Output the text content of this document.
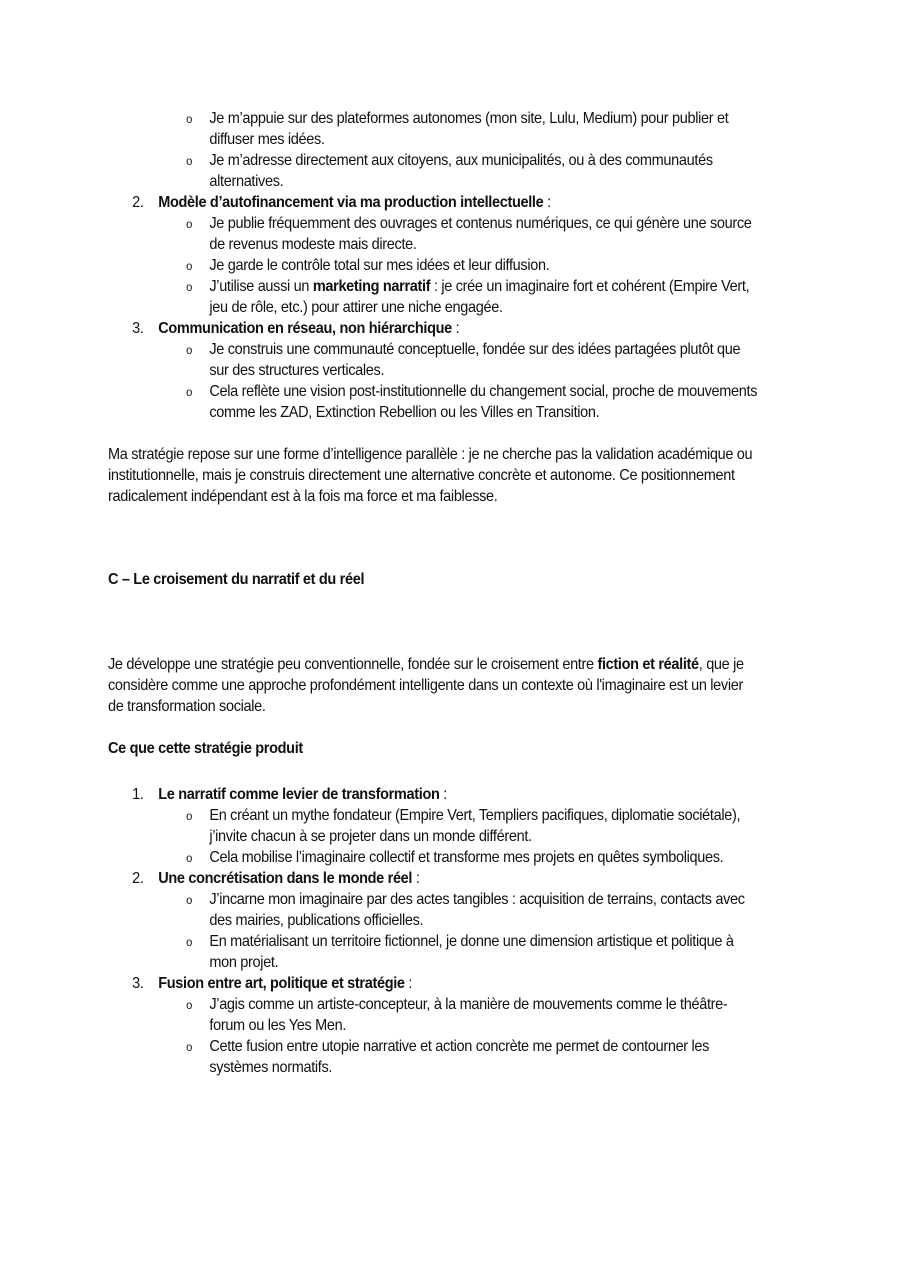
o Je m’appuie sur des plateformes autonomes (mon site, Lulu, Medium) pour publier et diffuser mes idées.
o Je m’adresse directement aux citoyens, aux municipalités, ou à des communautés alternatives.
2. Modèle d’autofinancement via ma production intellectuelle :
o Je publie fréquemment des ouvrages et contenus numériques, ce qui génère une source de revenus modeste mais directe.
o Je garde le contrôle total sur mes idées et leur diffusion.
o J’utilise aussi un marketing narratif : je crée un imaginaire fort et cohérent (Empire Vert, jeu de rôle, etc.) pour attirer une niche engagée.
3. Communication en réseau, non hiérarchique :
o Je construis une communauté conceptuelle, fondée sur des idées partagées plutôt que sur des structures verticales.
o Cela reflète une vision post-institutionnelle du changement social, proche de mouvements comme les ZAD, Extinction Rebellion ou les Villes en Transition.

Ma stratégie repose sur une forme d’intelligence parallèle : je ne cherche pas la validation académique ou institutionnelle, mais je construis directement une alternative concrète et autonome. Ce positionnement radicalement indépendant est à la fois ma force et ma faiblesse.

C – Le croisement du narratif et du réel

Je développe une stratégie peu conventionnelle, fondée sur le croisement entre fiction et réalité, que je considère comme une approche profondément intelligente dans un contexte où l'imaginaire est un levier de transformation sociale.

Ce que cette stratégie produit

1. Le narratif comme levier de transformation :
o En créant un mythe fondateur (Empire Vert, Templiers pacifiques, diplomatie sociétale), j’invite chacun à se projeter dans un monde différent.
o Cela mobilise l’imaginaire collectif et transforme mes projets en quêtes symboliques.
2. Une concrétisation dans le monde réel :
o J’incarne mon imaginaire par des actes tangibles : acquisition de terrains, contacts avec des mairies, publications officielles.
o En matérialisant un territoire fictionnel, je donne une dimension artistique et politique à mon projet.
3. Fusion entre art, politique et stratégie :
o J’agis comme un artiste-concepteur, à la manière de mouvements comme le théâtre-forum ou les Yes Men.
o Cette fusion entre utopie narrative et action concrète me permet de contourner les systèmes normatifs.
